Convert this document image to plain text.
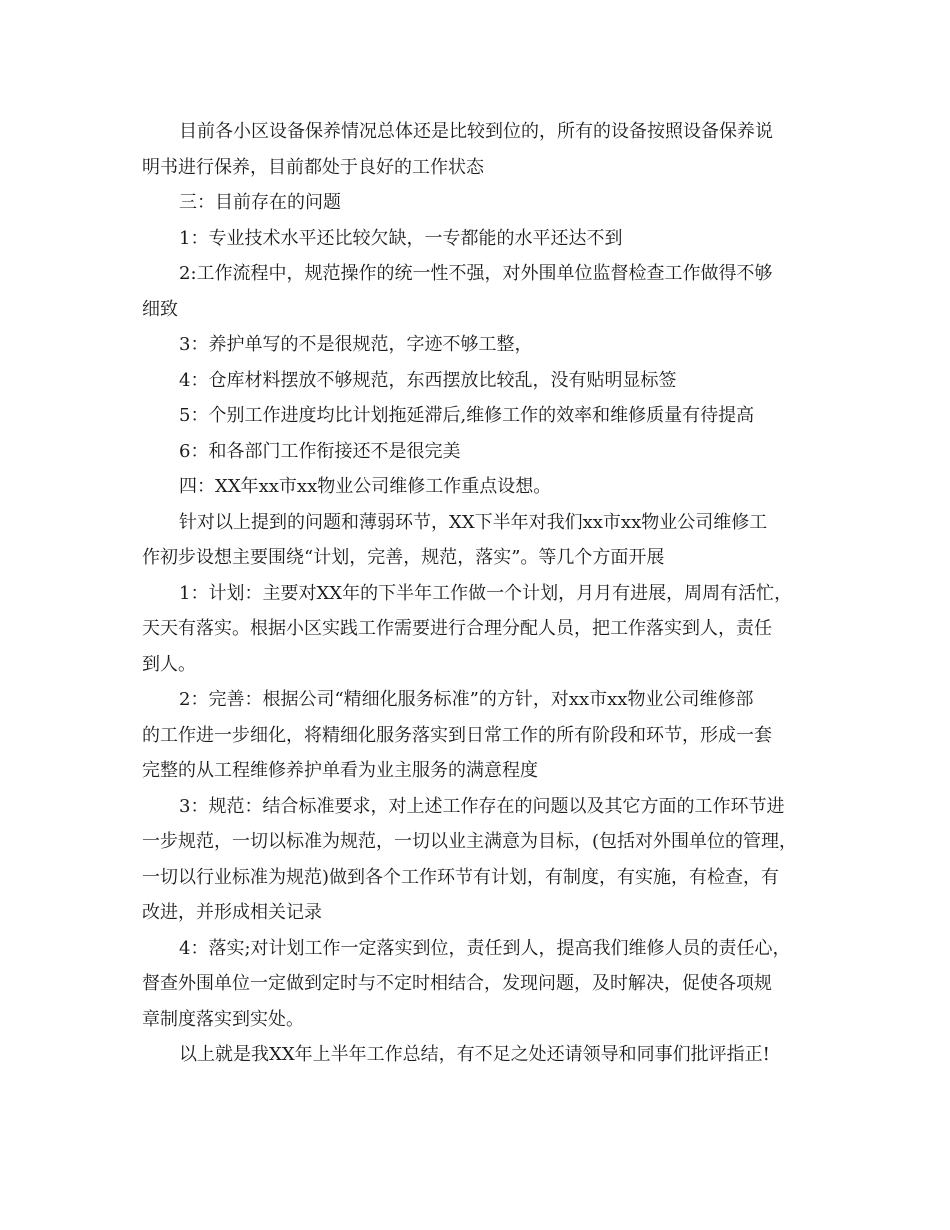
目前各小区设备保养情况总体还是比较到位的，所有的设备按照设备保养说
明书进行保养，目前都处于良好的工作状态
三：目前存在的问题
1：专业技术水平还比较欠缺，一专都能的水平还达不到
2:工作流程中，规范操作的统一性不强，对外围单位监督检查工作做得不够
细致
3：养护单写的不是很规范，字迹不够工整，
4：仓库材料摆放不够规范，东西摆放比较乱，没有贴明显标签
5：个别工作进度均比计划拖延滞后,维修工作的效率和维修质量有待提高
6：和各部门工作衔接还不是很完美
四：XX年xx市xx物业公司维修工作重点设想。
针对以上提到的问题和薄弱环节，XX下半年对我们xx市xx物业公司维修工
作初步设想主要围绕“计划，完善，规范，落实”。等几个方面开展
1：计划：主要对XX年的下半年工作做一个计划，月月有进展，周周有活忙，
天天有落实。根据小区实践工作需要进行合理分配人员，把工作落实到人，责任
到人。
2：完善：根据公司“精细化服务标准”的方针，对xx市xx物业公司维修部
的工作进一步细化，将精细化服务落实到日常工作的所有阶段和环节，形成一套
完整的从工程维修养护单看为业主服务的满意程度
3：规范：结合标准要求，对上述工作存在的问题以及其它方面的工作环节进
一步规范，一切以标准为规范，一切以业主满意为目标，(包括对外围单位的管理，
一切以行业标准为规范)做到各个工作环节有计划，有制度，有实施，有检查，有
改进，并形成相关记录
4：落实;对计划工作一定落实到位，责任到人，提高我们维修人员的责任心，
督查外围单位一定做到定时与不定时相结合，发现问题，及时解决，促使各项规
章制度落实到实处。
以上就是我XX年上半年工作总结，有不足之处还请领导和同事们批评指正!
